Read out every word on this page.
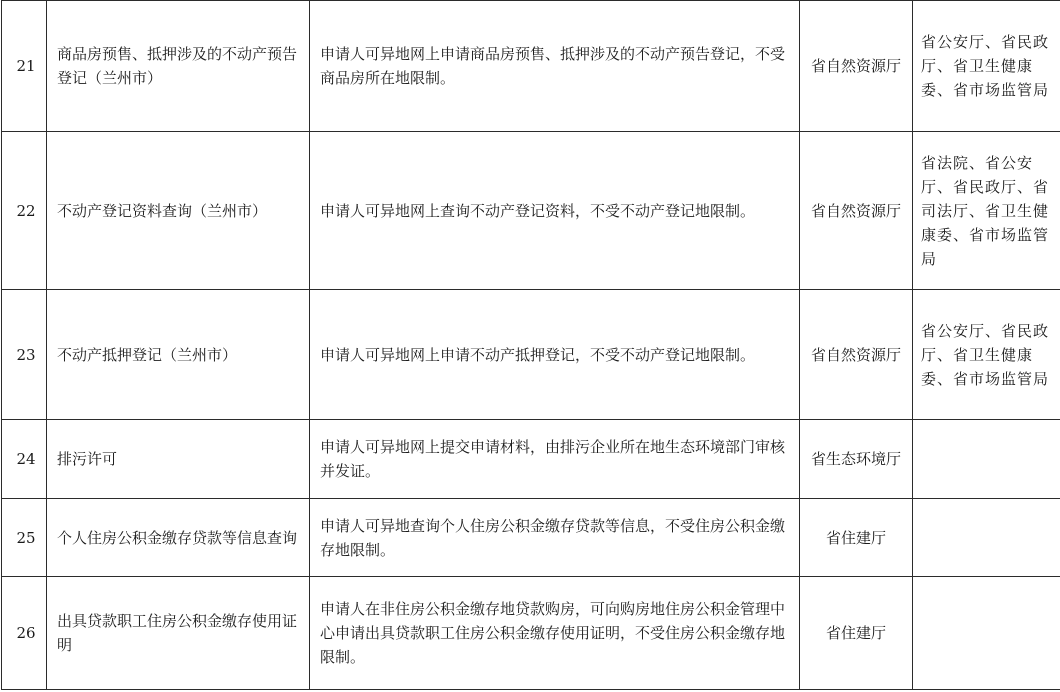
21	商品房预售、抵押涉及的不动产预告登记（兰州市）	申请人可异地网上申请商品房预售、抵押涉及的不动产预告登记，不受商品房所在地限制。	省自然资源厅	省公安厅、省民政厅、省卫生健康委、省市场监管局

22	不动产登记资料查询（兰州市）	申请人可异地网上查询不动产登记资料，不受不动产登记地限制。	省自然资源厅	省法院、省公安厅、省民政厅、省司法厅、省卫生健康委、省市场监管局

23	不动产抵押登记（兰州市）	申请人可异地网上申请不动产抵押登记，不受不动产登记地限制。	省自然资源厅	省公安厅、省民政厅、省卫生健康委、省市场监管局

24	排污许可	申请人可异地网上提交申请材料，由排污企业所在地生态环境部门审核并发证。	省生态环境厅	

25	个人住房公积金缴存贷款等信息查询	申请人可异地查询个人住房公积金缴存贷款等信息，不受住房公积金缴存地限制。	省住建厅	

26	出具贷款职工住房公积金缴存使用证明	申请人在非住房公积金缴存地贷款购房，可向购房地住房公积金管理中心申请出具贷款职工住房公积金缴存使用证明，不受住房公积金缴存地限制。	省住建厅	
